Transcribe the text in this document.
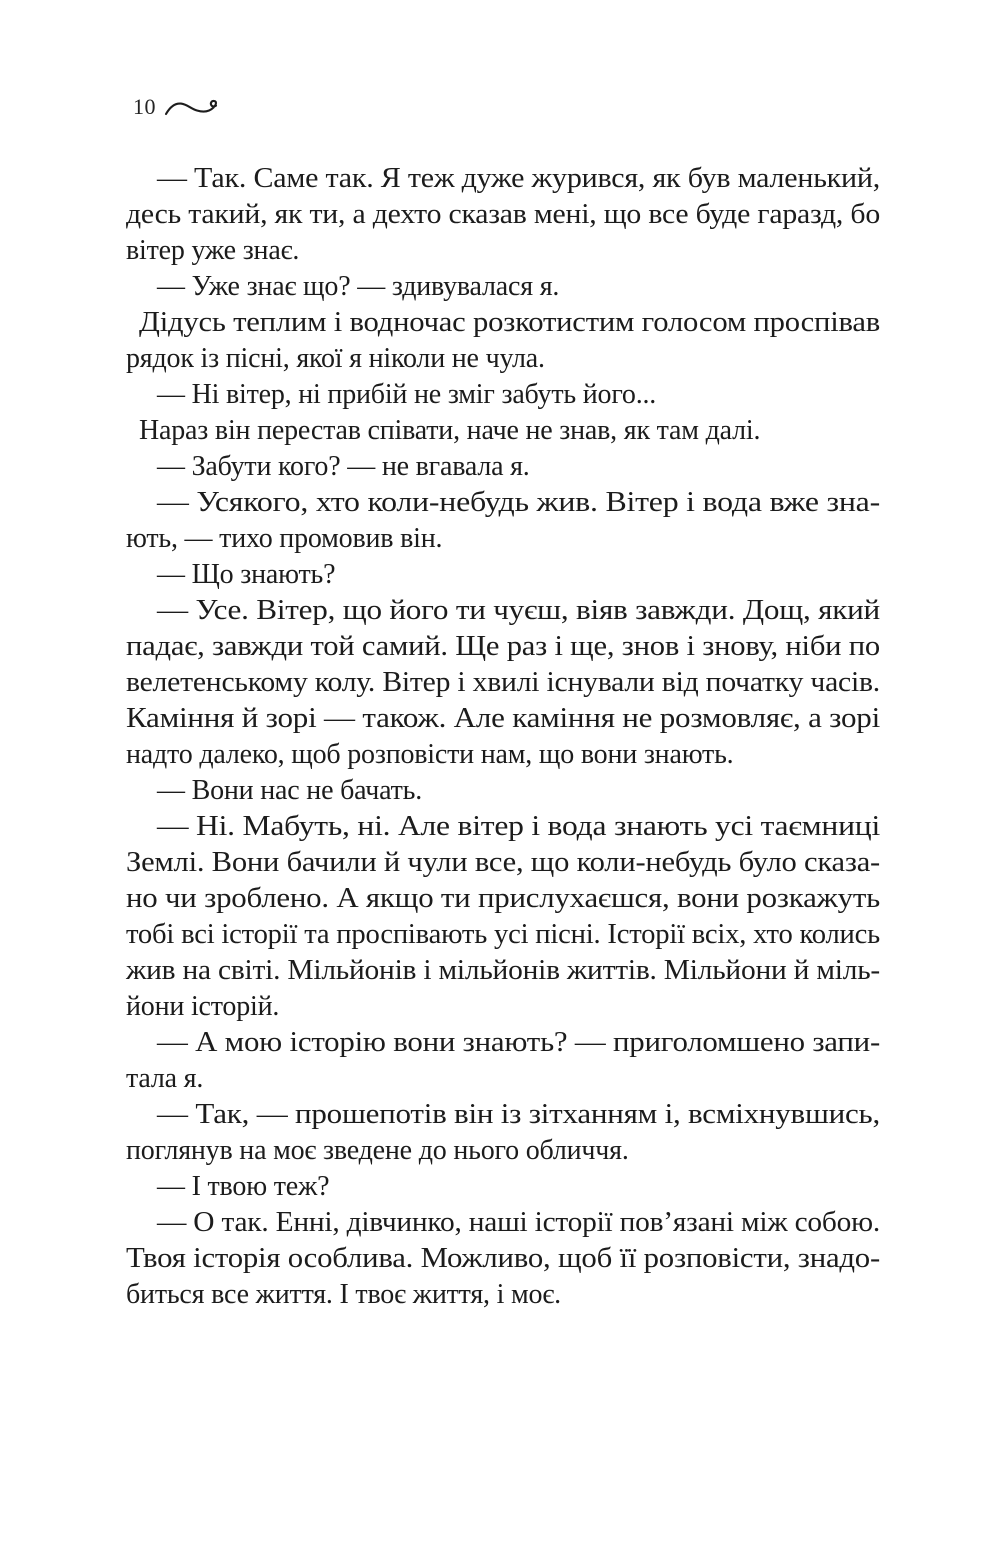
10
— Так. Саме так. Я теж дуже журився, як був маленький,
десь такий, як ти, а дехто сказав мені, що все буде гаразд, бо
вітер уже знає.
— Уже знає що? — здивувалася я.
Дідусь теплим і водночас розкотистим голосом проспівав
рядок із пісні, якої я ніколи не чула.
— Ні вітер, ні прибій не зміг забуть його...
Нараз він перестав співати, наче не знав, як там далі.
— Забути кого? — не вгавала я.
— Усякого, хто коли-небудь жив. Вітер і вода вже зна-
ють, — тихо промовив він.
— Що знають?
— Усе. Вітер, що його ти чуєш, віяв завжди. Дощ, який
падає, завжди той самий. Ще раз і ще, знов і знову, ніби по
велетенському колу. Вітер і хвилі існували від початку часів.
Каміння й зорі — також. Але каміння не розмовляє, а зорі
надто далеко, щоб розповісти нам, що вони знають.
— Вони нас не бачать.
— Ні. Мабуть, ні. Але вітер і вода знають усі таємниці
Землі. Вони бачили й чули все, що коли-небудь було сказа-
но чи зроблено. А якщо ти прислухаєшся, вони розкажуть
тобі всі історії та проспівають усі пісні. Історії всіх, хто колись
жив на світі. Мільйонів і мільйонів життів. Мільйони й міль-
йони історій.
— А мою історію вони знають? — приголомшено запи-
тала я.
— Так, — прошепотів він із зітханням і, всміхнувшись,
поглянув на моє зведене до нього обличчя.
— І твою теж?
— О так. Енні, дівчинко, наші історії пов’язані між собою.
Твоя історія особлива. Можливо, щоб її розповісти, знадо-
биться все життя. І твоє життя, і моє.
